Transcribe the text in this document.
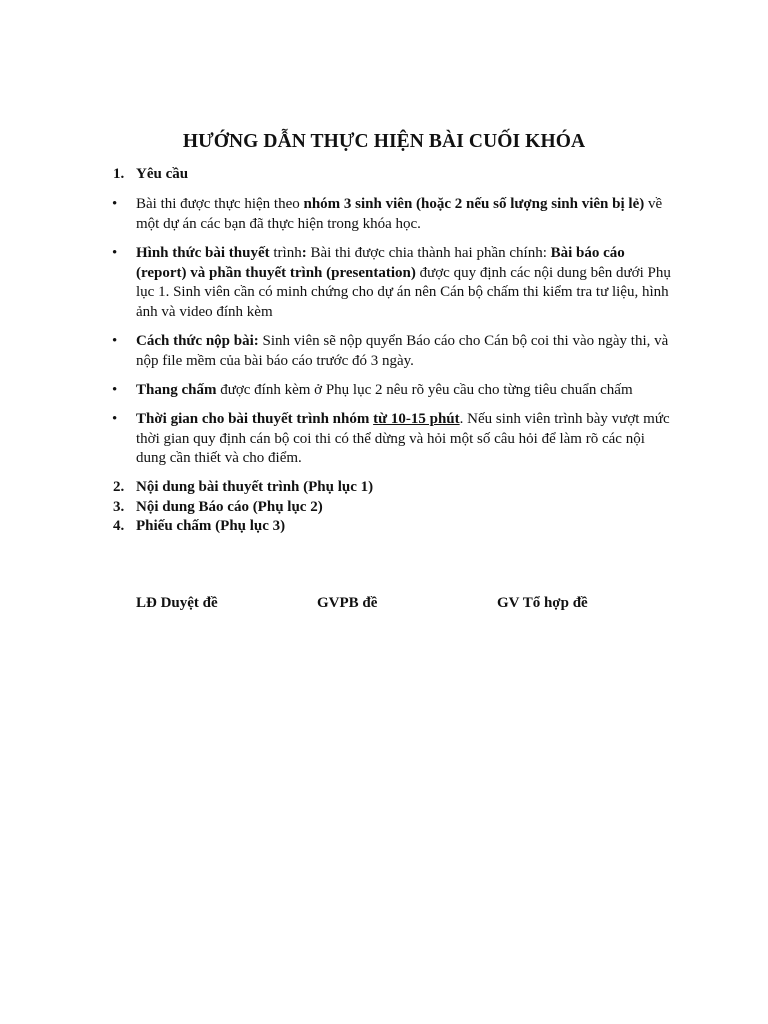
HƯỚNG DẪN THỰC HIỆN BÀI CUỐI KHÓA
1. Yêu cầu
• Bài thi được thực hiện theo nhóm 3 sinh viên (hoặc 2 nếu số lượng sinh viên bị lẻ) về một dự án các bạn đã thực hiện trong khóa học.
• Hình thức bài thuyết trình: Bài thi được chia thành hai phần chính: Bài báo cáo (report) và phần thuyết trình (presentation) được quy định các nội dung bên dưới Phụ lục 1. Sinh viên cần có minh chứng cho dự án nên Cán bộ chấm thi kiểm tra tư liệu, hình ảnh và video đính kèm
• Cách thức nộp bài: Sinh viên sẽ nộp quyển Báo cáo cho Cán bộ coi thi vào ngày thi, và nộp file mềm của bài báo cáo trước đó 3 ngày.
• Thang chấm được đính kèm ở Phụ lục 2 nêu rõ yêu cầu cho từng tiêu chuẩn chấm
• Thời gian cho bài thuyết trình nhóm từ 10-15 phút. Nếu sinh viên trình bày vượt mức thời gian quy định cán bộ coi thi có thể dừng và hỏi một số câu hỏi để làm rõ các nội dung cần thiết và cho điểm.
2. Nội dung bài thuyết trình (Phụ lục 1)
3. Nội dung Báo cáo (Phụ lục 2)
4. Phiếu chấm (Phụ lục 3)
LĐ Duyệt đề	GVPB đề	GV Tổ hợp đề
